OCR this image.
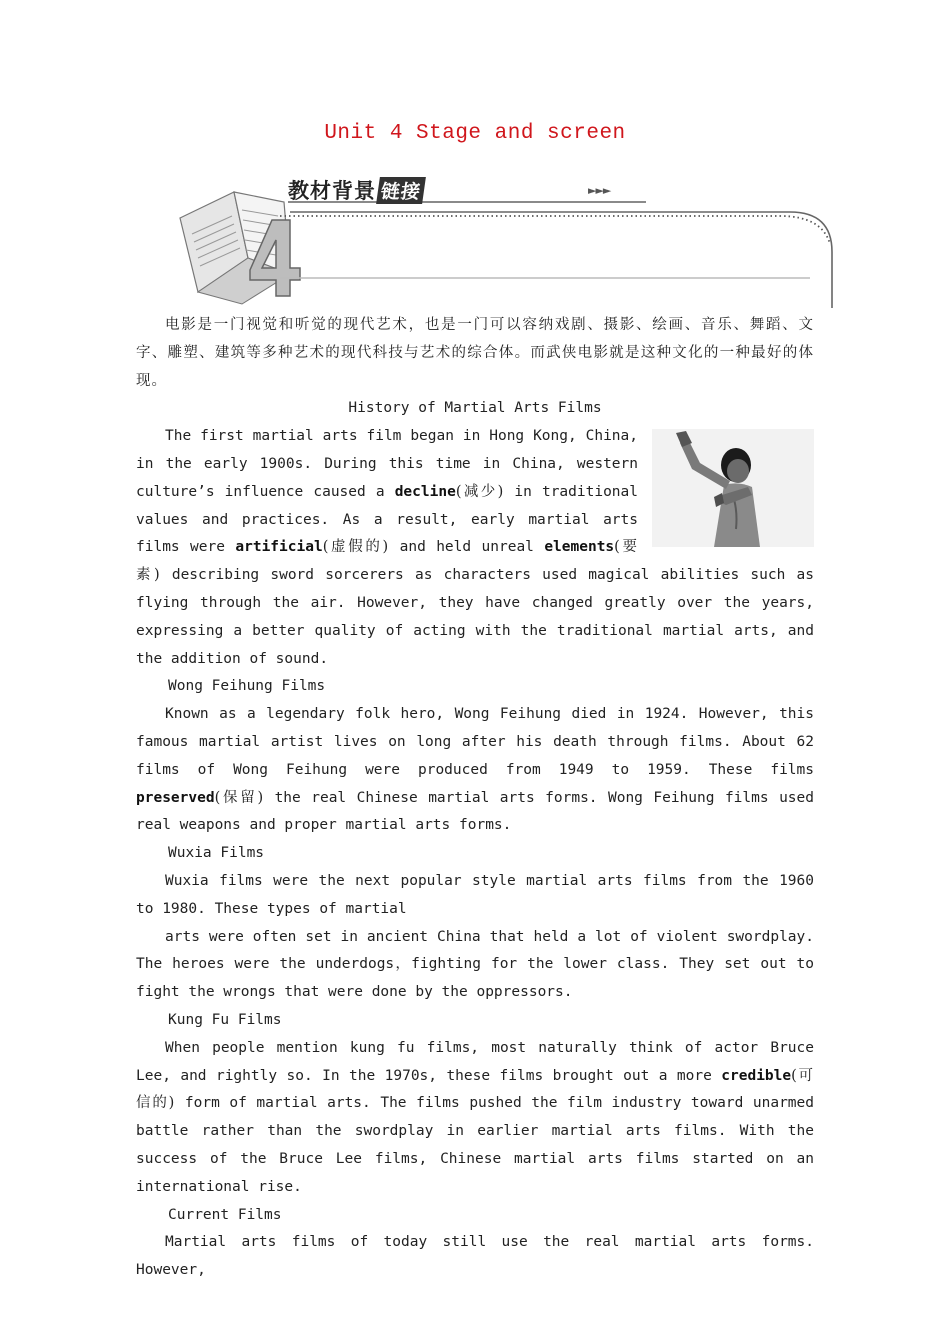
Unit 4 Stage and screen
教材背景 链接	►►►

电影是一门视觉和听觉的现代艺术，也是一门可以容纳戏剧、摄影、绘画、音乐、舞蹈、文字、雕塑、建筑等多种艺术的现代科技与艺术的综合体。而武侠电影就是这种文化的一种最好的体现。

History of Martial Arts Films

The first martial arts film began in Hong Kong, China, in the early 1900s. During this time in China, western culture’s influence caused a decline(减少) in traditional values and practices. As a result, early martial arts films were artificial(虚假的) and held unreal elements(要素) describing sword sorcerers as characters used magical abilities such as flying through the air. However, they have changed greatly over the years, expressing a better quality of acting with the traditional martial arts, and the addition of sound.

Wong Feihung Films

Known as a legendary folk hero, Wong Feihung died in 1924. However, this famous martial artist lives on long after his death through films. About 62 films of Wong Feihung were produced from 1949 to 1959. These films preserved(保留) the real Chinese martial arts forms. Wong Feihung films used real weapons and proper martial arts forms.

Wuxia Films

Wuxia films were the next popular style martial arts films from the 1960 to 1980. These types of martial

arts were often set in ancient China that held a lot of violent swordplay. The heroes were the underdogs，fighting for the lower class. They set out to fight the wrongs that were done by the oppressors.

Kung Fu Films

When people mention kung fu films, most naturally think of actor Bruce Lee, and rightly so. In the 1970s, these films brought out a more credible(可信的) form of martial arts. The films pushed the film industry toward unarmed battle rather than the swordplay in earlier martial arts films. With the success of the Bruce Lee films, Chinese martial arts films started on an international rise.

Current Films

Martial arts films of today still use the real martial arts forms. However,
